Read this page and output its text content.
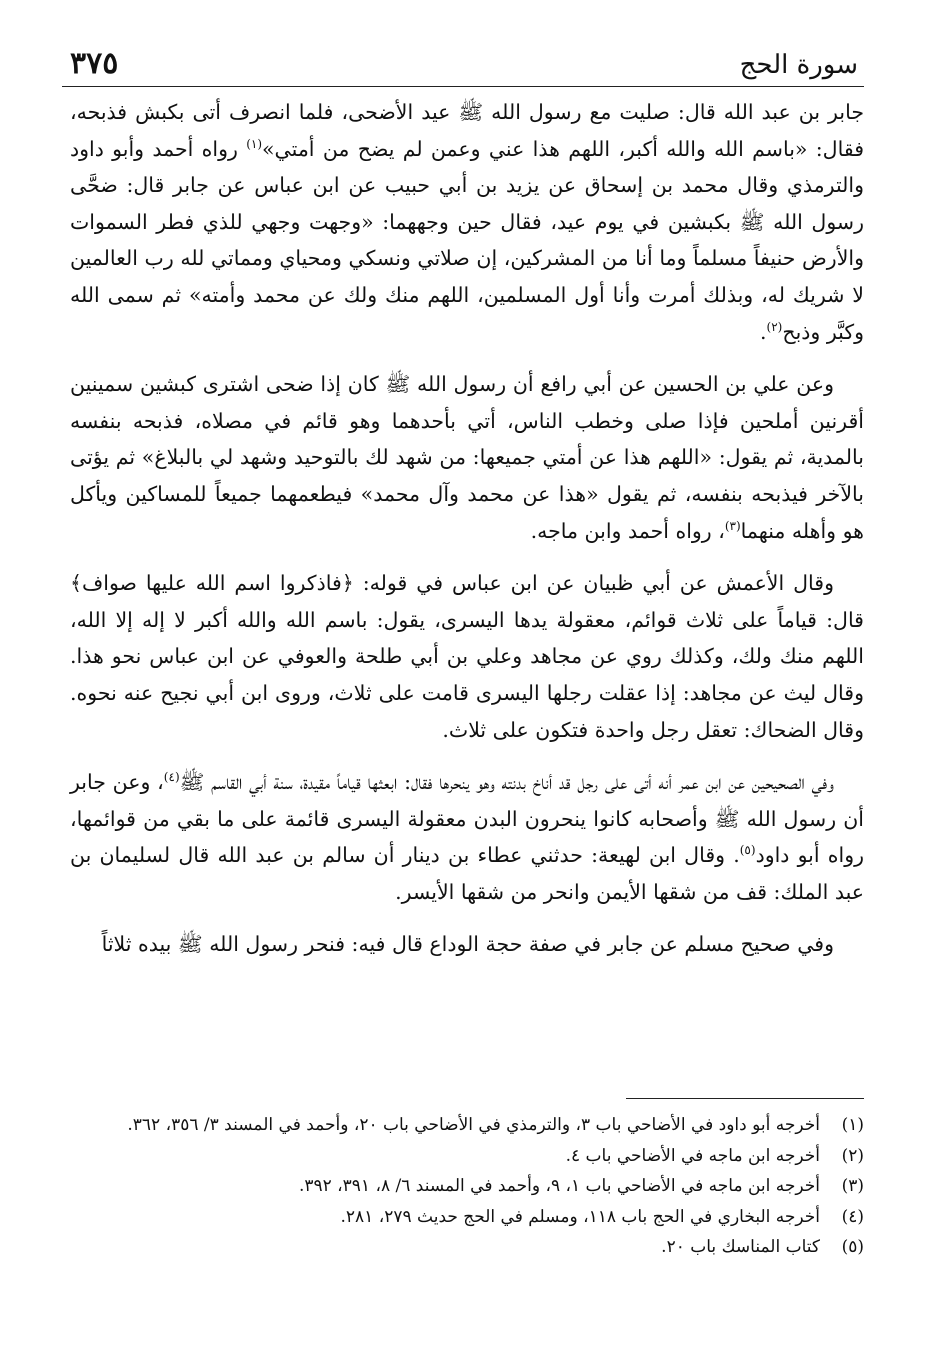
سورة الحج
٣٧٥

جابر بن عبد الله قال: صليت مع رسول الله ﷺ عيد الأضحى، فلما انصرف أتى بكبش فذبحه، فقال: «باسم الله والله أكبر، اللهم هذا عني وعمن لم يضح من أمتي»$^{(١)}$ رواه أحمد وأبو داود والترمذي وقال محمد بن إسحاق عن يزيد بن أبي حبيب عن ابن عباس عن جابر قال: ضحَّى رسول الله ﷺ بكبشين في يوم عيد، فقال حين وجههما: «وجهت وجهي للذي فطر السموات والأرض حنيفاً مسلماً وما أنا من المشركين، إن صلاتي ونسكي ومحياي ومماتي لله رب العالمين لا شريك له، وبذلك أمرت وأنا أول المسلمين، اللهم منك ولك عن محمد وأمته» ثم سمى الله وكبَّر وذبح$^{(٢)}$.

وعن علي بن الحسين عن أبي رافع أن رسول الله ﷺ كان إذا ضحى اشترى كبشين سمينين أقرنين أملحين فإذا صلى وخطب الناس، أتي بأحدهما وهو قائم في مصلاه، فذبحه بنفسه بالمدية، ثم يقول: «اللهم هذا عن أمتي جميعها: من شهد لك بالتوحيد وشهد لي بالبلاغ» ثم يؤتى بالآخر فيذبحه بنفسه، ثم يقول «هذا عن محمد وآل محمد» فيطعمهما جميعاً للمساكين ويأكل هو وأهله منهما$^{(٣)}$، رواه أحمد وابن ماجه.

وقال الأعمش عن أبي ظبيان عن ابن عباس في قوله: ﴿فاذكروا اسم الله عليها صواف﴾ قال: قياماً على ثلاث قوائم، معقولة يدها اليسرى، يقول: باسم الله والله أكبر لا إله إلا الله، اللهم منك ولك، وكذلك روي عن مجاهد وعلي بن أبي طلحة والعوفي عن ابن عباس نحو هذا. وقال ليث عن مجاهد: إذا عقلت رجلها اليسرى قامت على ثلاث، وروى ابن أبي نجيح عنه نحوه. وقال الضحاك: تعقل رجل واحدة فتكون على ثلاث.

وفي الصحيحين عن ابن عمر أنه أتى على رجل قد أناخ بدنته وهو ينحرها فقال: ابعثها قياماً مقيدة، سنة أبي القاسم ﷺ$^{(٤)}$، وعن جابر أن رسول الله ﷺ وأصحابه كانوا ينحرون البدن معقولة اليسرى قائمة على ما بقي من قوائمها، رواه أبو داود$^{(٥)}$. وقال ابن لهيعة: حدثني عطاء بن دينار أن سالم بن عبد الله قال لسليمان بن عبد الملك: قف من شقها الأيمن وانحر من شقها الأيسر.

وفي صحيح مسلم عن جابر في صفة حجة الوداع قال فيه: فنحر رسول الله ﷺ بيده ثلاثاً

(١)
أخرجه أبو داود في الأضاحي باب ٣، والترمذي في الأضاحي باب ٢٠، وأحمد في المسند ٣/ ٣٥٦، ٣٦٢.
(٢)
أخرجه ابن ماجه في الأضاحي باب ٤.
(٣)
أخرجه ابن ماجه في الأضاحي باب ١، ٩، وأحمد في المسند ٦/ ٨، ٣٩١، ٣٩٢.
(٤)
أخرجه البخاري في الحج باب ١١٨، ومسلم في الحج حديث ٢٧٩، ٢٨١.
(٥)
كتاب المناسك باب ٢٠.
